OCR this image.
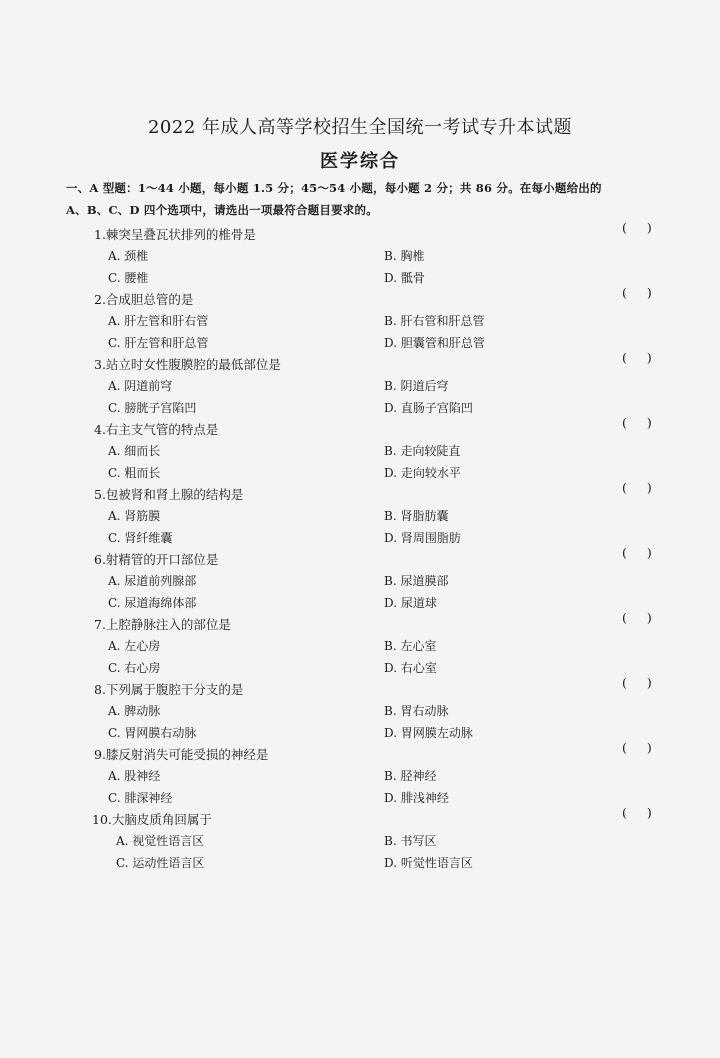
2022 年成人高等学校招生全国统一考试专升本试题
医学综合
一、A 型题：1～44 小题，每小题 1.5 分；45～54 小题，每小题 2 分；共 86 分。在每小题给出的
A、B、C、D 四个选项中，请选出一项最符合题目要求的。
1.棘突呈叠瓦状排列的椎骨是	( )
A. 颈椎	B. 胸椎
C. 腰椎	D. 骶骨
2.合成胆总管的是	( )
A. 肝左管和肝右管	B. 肝右管和肝总管
C. 肝左管和肝总管	D. 胆囊管和肝总管
3.站立时女性腹膜腔的最低部位是	( )
A. 阴道前穹	B. 阴道后穹
C. 膀胱子宫陷凹	D. 直肠子宫陷凹
4.右主支气管的特点是	( )
A. 细而长	B. 走向较陡直
C. 粗而长	D. 走向较水平
5.包被肾和肾上腺的结构是	( )
A. 肾筋膜	B. 肾脂肪囊
C. 肾纤维囊	D. 肾周围脂肪
6.射精管的开口部位是	( )
A. 尿道前列腺部	B. 尿道膜部
C. 尿道海绵体部	D. 尿道球
7.上腔静脉注入的部位是	( )
A. 左心房	B. 左心室
C. 右心房	D. 右心室
8.下列属于腹腔干分支的是	( )
A. 脾动脉	B. 胃右动脉
C. 胃网膜右动脉	D. 胃网膜左动脉
9.膝反射消失可能受损的神经是	( )
A. 股神经	B. 胫神经
C. 腓深神经	D. 腓浅神经
10.大脑皮质角回属于	( )
A. 视觉性语言区	B. 书写区
C. 运动性语言区	D. 听觉性语言区
